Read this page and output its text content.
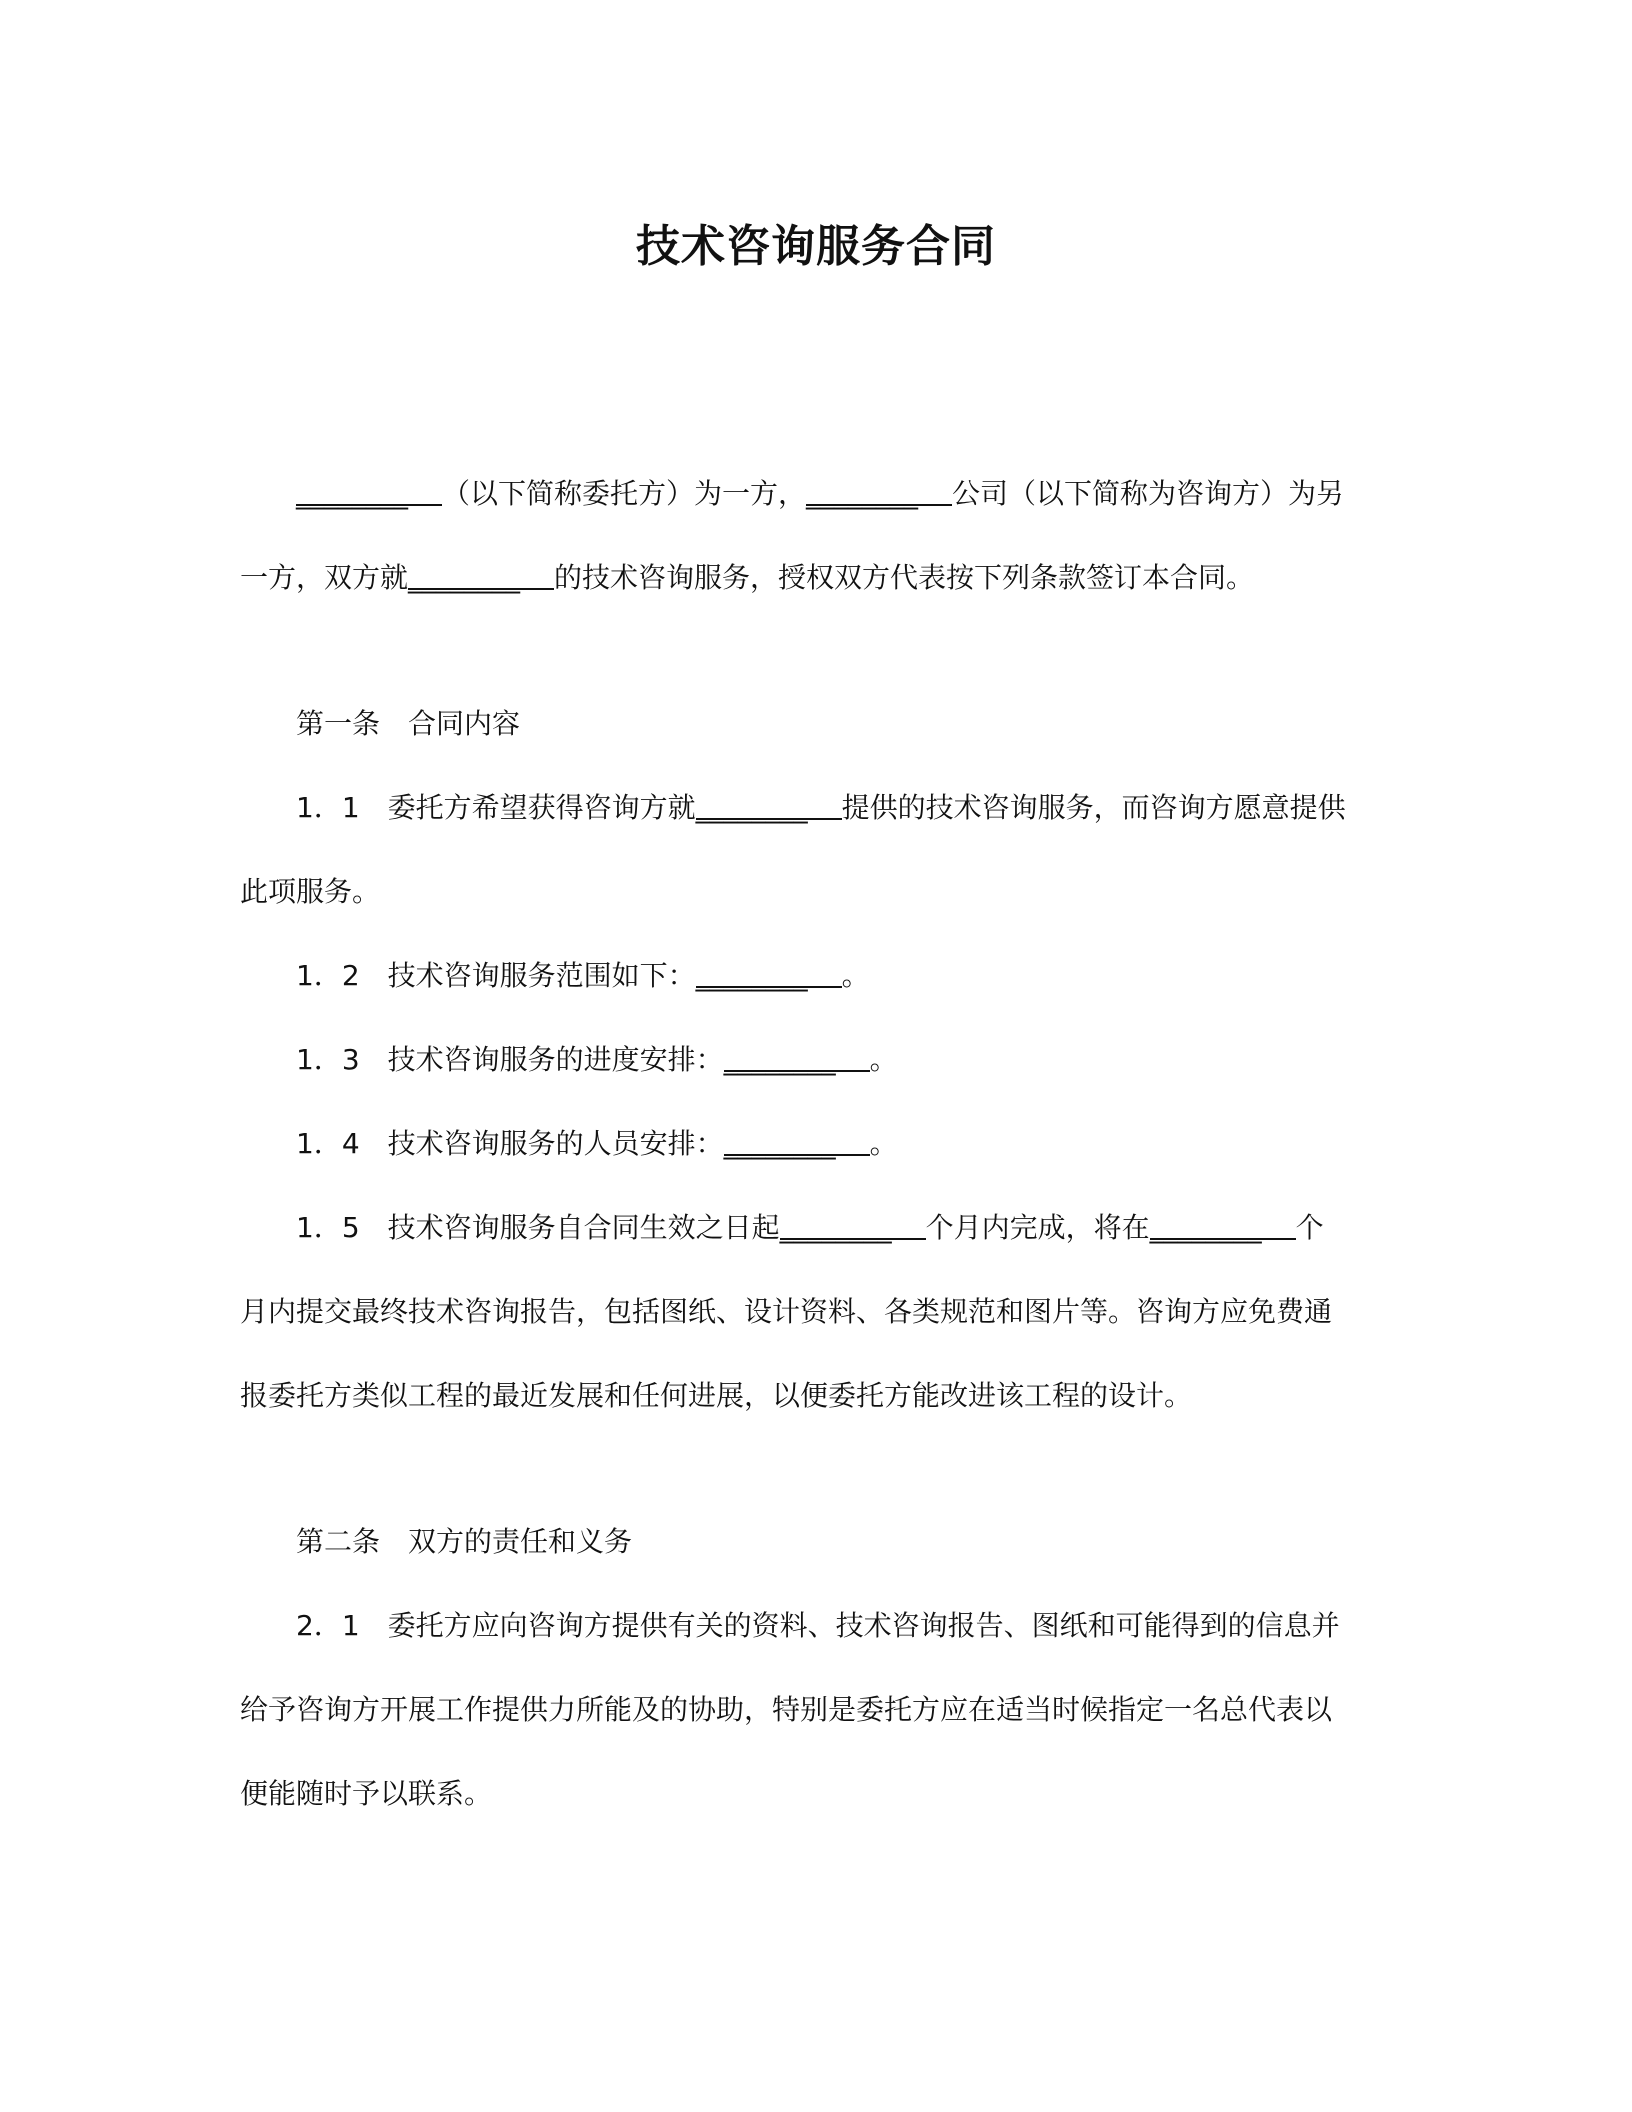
技术咨询服务合同
________ （以下简称委托方）为一方，________ 公司（以下简称为咨询方）为另
一方，双方就________ 的技术咨询服务，授权双方代表按下列条款签订本合同。
第一条　合同内容
1．1　委托方希望获得咨询方就________ 提供的技术咨询服务，而咨询方愿意提供
此项服务。
1．2　技术咨询服务范围如下：________ 。
1．3　技术咨询服务的进度安排：________ 。
1．4　技术咨询服务的人员安排：________ 。
1．5　技术咨询服务自合同生效之日起________ 个月内完成，将在________ 个
月内提交最终技术咨询报告，包括图纸、设计资料、各类规范和图片等。咨询方应免费通
报委托方类似工程的最近发展和任何进展，以便委托方能改进该工程的设计。
第二条　双方的责任和义务
2．1　委托方应向咨询方提供有关的资料、技术咨询报告、图纸和可能得到的信息并
给予咨询方开展工作提供力所能及的协助，特别是委托方应在适当时候指定一名总代表以
便能随时予以联系。
